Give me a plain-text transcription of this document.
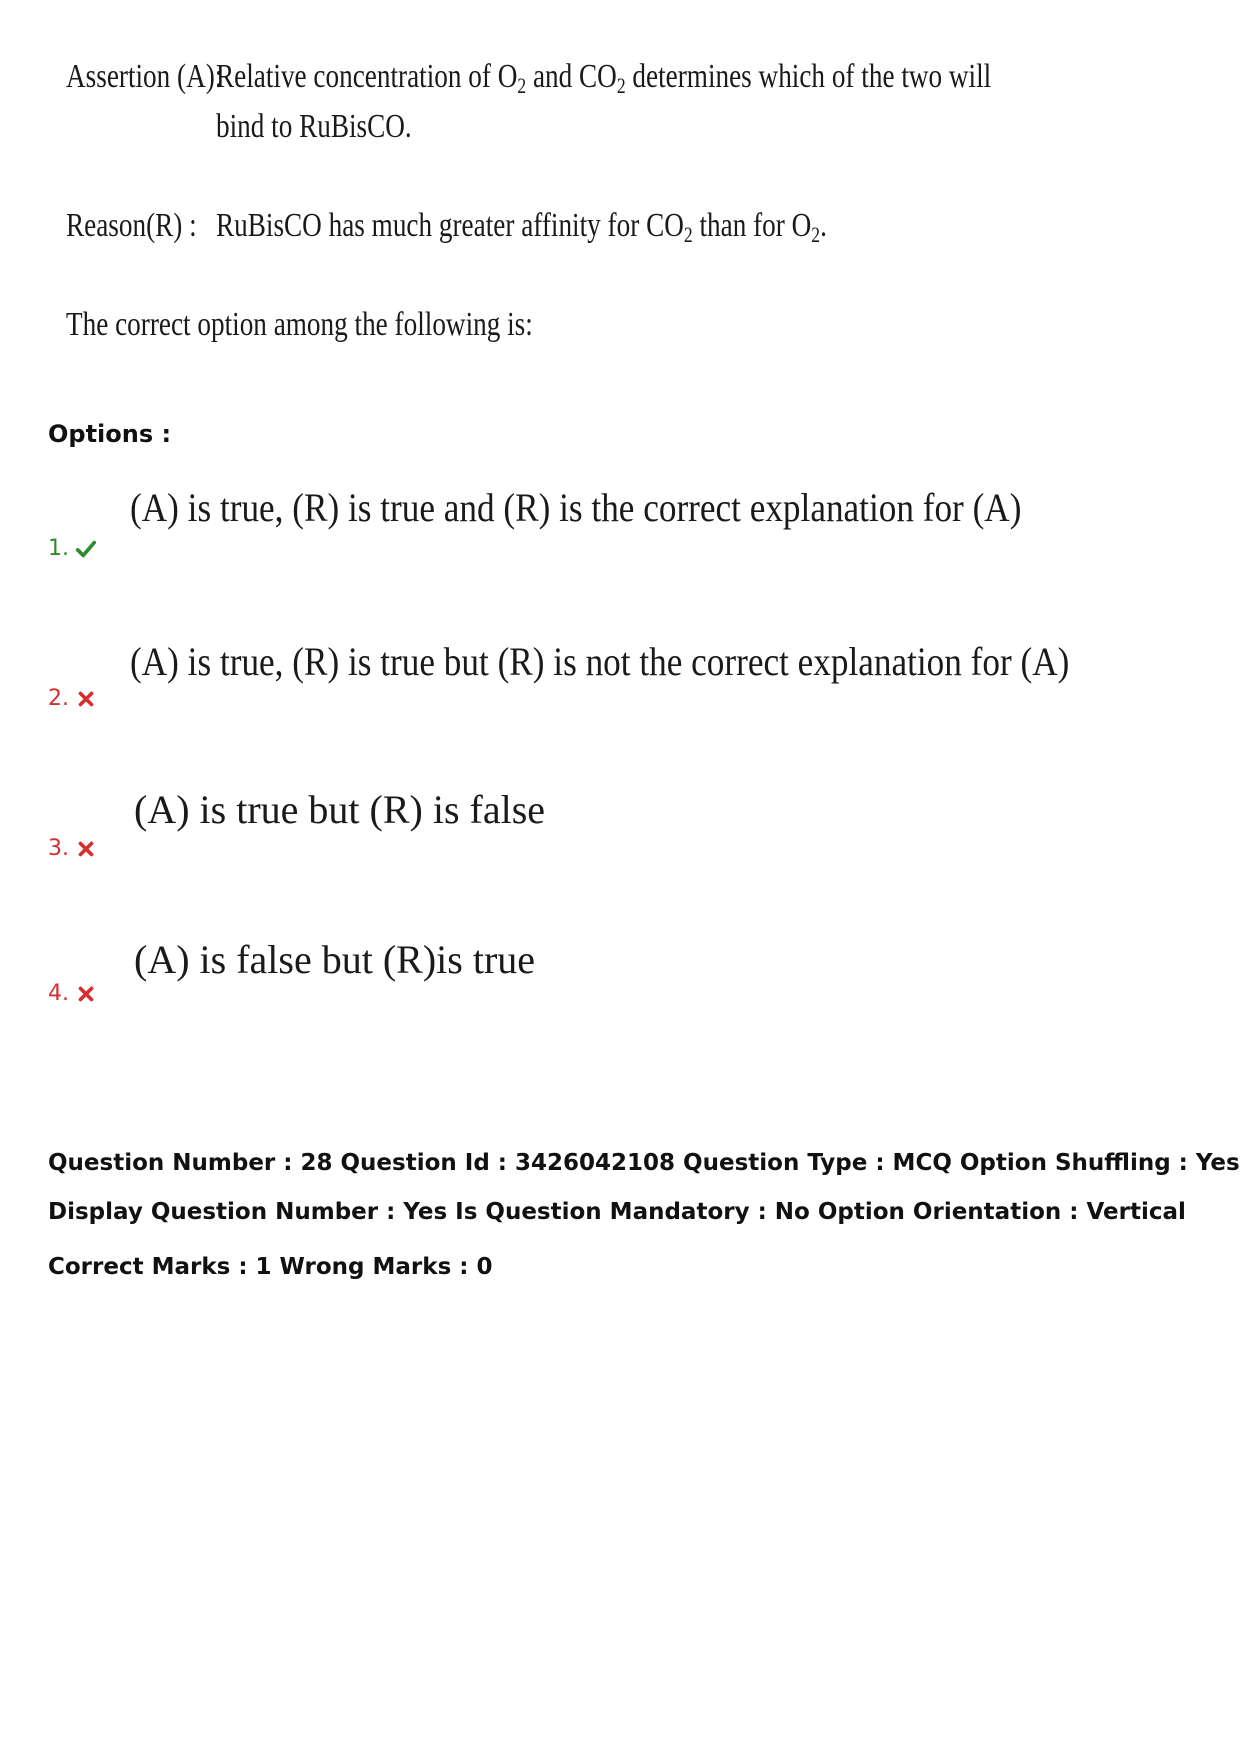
Assertion (A):
Relative concentration of $O_2$ and $CO_2$ determines which of the two will
bind to RuBisCO.
Reason(R) : RuBisCO has much greater affinity for $CO_2$ than for $O_2$.
The correct option among the following is:
Options :
(A) is true, (R) is true and (R) is the correct explanation for (A)
1.
(A) is true, (R) is true but (R) is not the correct explanation for (A)
2.
(A) is true but (R) is false
3.
(A) is false but (R)is true
4.
Question Number : 28 Question Id : 3426042108 Question Type : MCQ Option Shuffling : Yes
Display Question Number : Yes Is Question Mandatory : No Option Orientation : Vertical
Correct Marks : 1 Wrong Marks : 0
